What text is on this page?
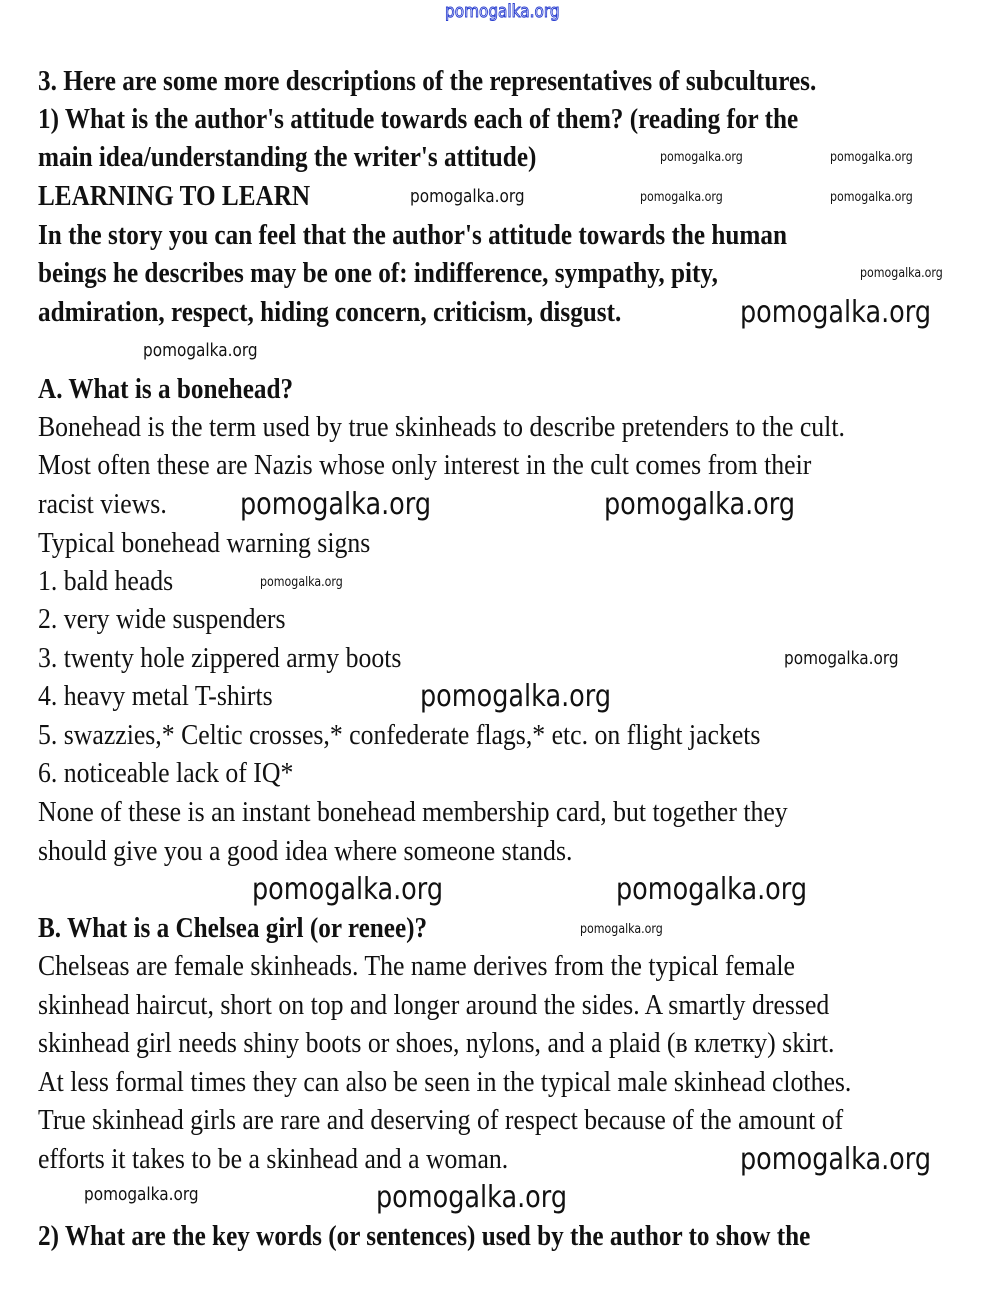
3. Here are some more descriptions of the representatives of subcultures.
1) What is the author's attitude towards each of them? (reading for the
main idea/understanding the writer's attitude)
LEARNING TO LEARN
In the story you can feel that the author's attitude towards the human
beings he describes may be one of: indifference, sympathy, pity,
admiration, respect, hiding concern, criticism, disgust.
A. What is a bonehead?
Bonehead is the term used by true skinheads to describe pretenders to the cult.
Most often these are Nazis whose only interest in the cult comes from their
racist views.
Typical bonehead warning signs
1. bald heads
2. very wide suspenders
3. twenty hole zippered army boots
4. heavy metal T-shirts
5. swazzies,* Celtic crosses,* confederate flags,* etc. on flight jackets
6. noticeable lack of IQ*
None of these is an instant bonehead membership card, but together they
should give you a good idea where someone stands.
B. What is a Chelsea girl (or renee)?
Chelseas are female skinheads. The name derives from the typical female
skinhead haircut, short on top and longer around the sides. A smartly dressed
skinhead girl needs shiny boots or shoes, nylons, and a plaid (в клетку) skirt.
At less formal times they can also be seen in the typical male skinhead clothes.
True skinhead girls are rare and deserving of respect because of the amount of
efforts it takes to be a skinhead and a woman.
2) What are the key words (or sentences) used by the author to show the
pomogalka.org
pomogalka.org	pomogalka.org
pomogalka.org	pomogalka.org
pomogalka.org
pomogalka.org
pomogalka.org
pomogalka.org
pomogalka.org	pomogalka.org
pomogalka.org
pomogalka.org
pomogalka.org
pomogalka.org	pomogalka.org
pomogalka.org
pomogalka.org
pomogalka.org	pomogalka.org
